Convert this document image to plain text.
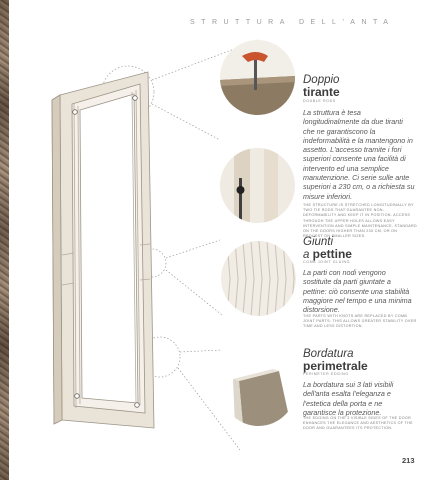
STRUTTURA DELL'ANTA
Doppio
tirante
DOUBLE RODS
La struttura è tesa longitudinalmente da due tiranti che ne garantiscono la indeformabilità e la mantengono in assetto. L'accesso tramite i fori superiori consente una facilità di intervento ed una semplice manutenzione. Ci serie sulle ante superiori a 230 cm, o a richiesta su misure inferiori.
THE STRUCTURE IS STRETCHED LONGITUDINALLY BY TWO TIE RODS THAT GUARANTEE NON-DEFORMABILITY AND KEEP IT IN POSITION. ACCESS THROUGH THE UPPER HOLES ALLOWS EASY INTERVENTION AND SIMPLE MAINTENANCE. STANDARD ON THE DOORS HIGHER THAN 230 CM, OR ON REQUEST ON SMALLER SIZES.
Giunti
a pettine
COMB JOINT GLUING
La parti con nodi vengono sostituite da parti giuntate a pettine: ciò consente una stabilità maggiore nel tempo e una minima distorsione.
THE PARTS WITH KNOTS ARE REPLACED BY COMB JOINT PARTS: THIS ALLOWS GREATER STABILITY OVER TIME AND LESS DISTORTION.
Bordatura
perimetrale
PERIMETER EDGING
La bordatura sui 3 lati visibili dell'anta esalta l'eleganza e l'estetica della porta e ne garantisce la protezione.
THE EDGING ON THE 3 VISIBLE SIDES OF THE DOOR ENHANCES THE ELEGANCE AND AESTHETICS OF THE DOOR AND GUARANTEES ITS PROTECTION.
213
